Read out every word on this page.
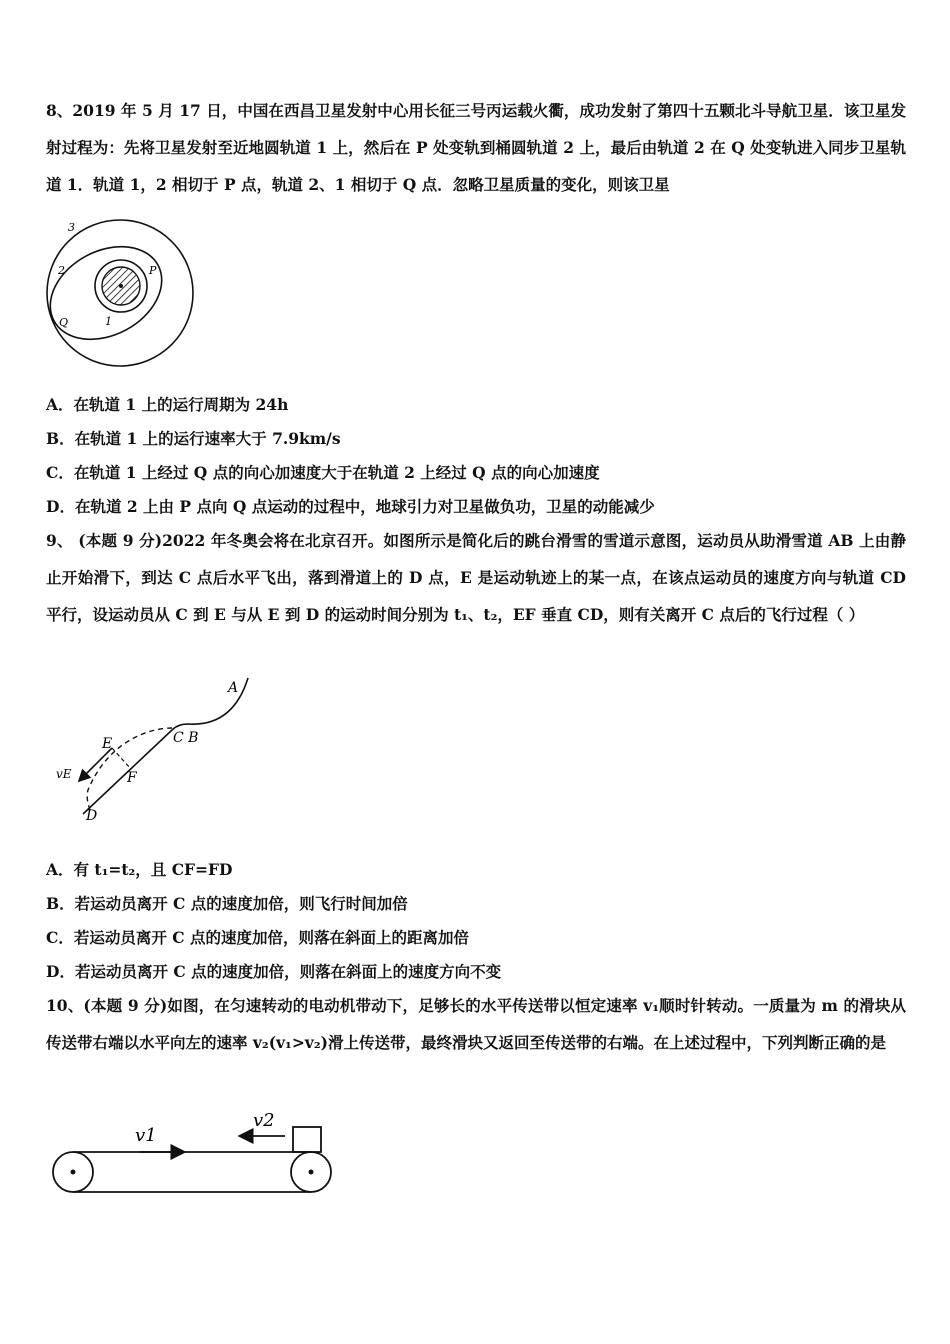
8、2019 年 5 月 17 日，中国在西昌卫星发射中心用长征三号丙运载火衢，成功发射了第四十五颗北斗导航卫星．该卫星发射过程为：先将卫星发射至近地圆轨道 1 上，然后在 P 处变轨到桶圆轨道 2 上，最后由轨道 2 在 Q 处变轨进入同步卫星轨道 1．轨道 1，2 相切于 P 点，轨道 2、1 相切于 Q 点．忽略卫星质量的变化，则该卫星
3
2	P
Q	1
A．在轨道 1 上的运行周期为 24h
B．在轨道 1 上的运行速率大于 7.9km/s
C．在轨道 1 上经过 Q 点的向心加速度大于在轨道 2 上经过 Q 点的向心加速度
D．在轨道 2 上由 P 点向 Q 点运动的过程中，地球引力对卫星做负功，卫星的动能减少
9、 (本题 9 分)2022 年冬奥会将在北京召开。如图所示是简化后的跳台滑雪的雪道示意图，运动员从助滑雪道 AB 上由静止开始滑下，到达 C 点后水平飞出，落到滑道上的 D 点，E 是运动轨迹上的某一点，在该点运动员的速度方向与轨道 CD 平行，设运动员从 C 到 E 与从 E 到 D 的运动时间分别为 t₁、t₂，EF 垂直 CD，则有关离开 C 点后的飞行过程（ ）
A
C B
E
F
vE
D
A．有 t₁=t₂，且 CF=FD
B．若运动员离开 C 点的速度加倍，则飞行时间加倍
C．若运动员离开 C 点的速度加倍，则落在斜面上的距离加倍
D．若运动员离开 C 点的速度加倍，则落在斜面上的速度方向不变
10、(本题 9 分)如图，在匀速转动的电动机带动下，足够长的水平传送带以恒定速率 v₁顺时针转动。一质量为 m 的滑块从传送带右端以水平向左的速率 v₂(v₁>v₂)滑上传送带，最终滑块又返回至传送带的右端。在上述过程中，下列判断正确的是
v1
v2
